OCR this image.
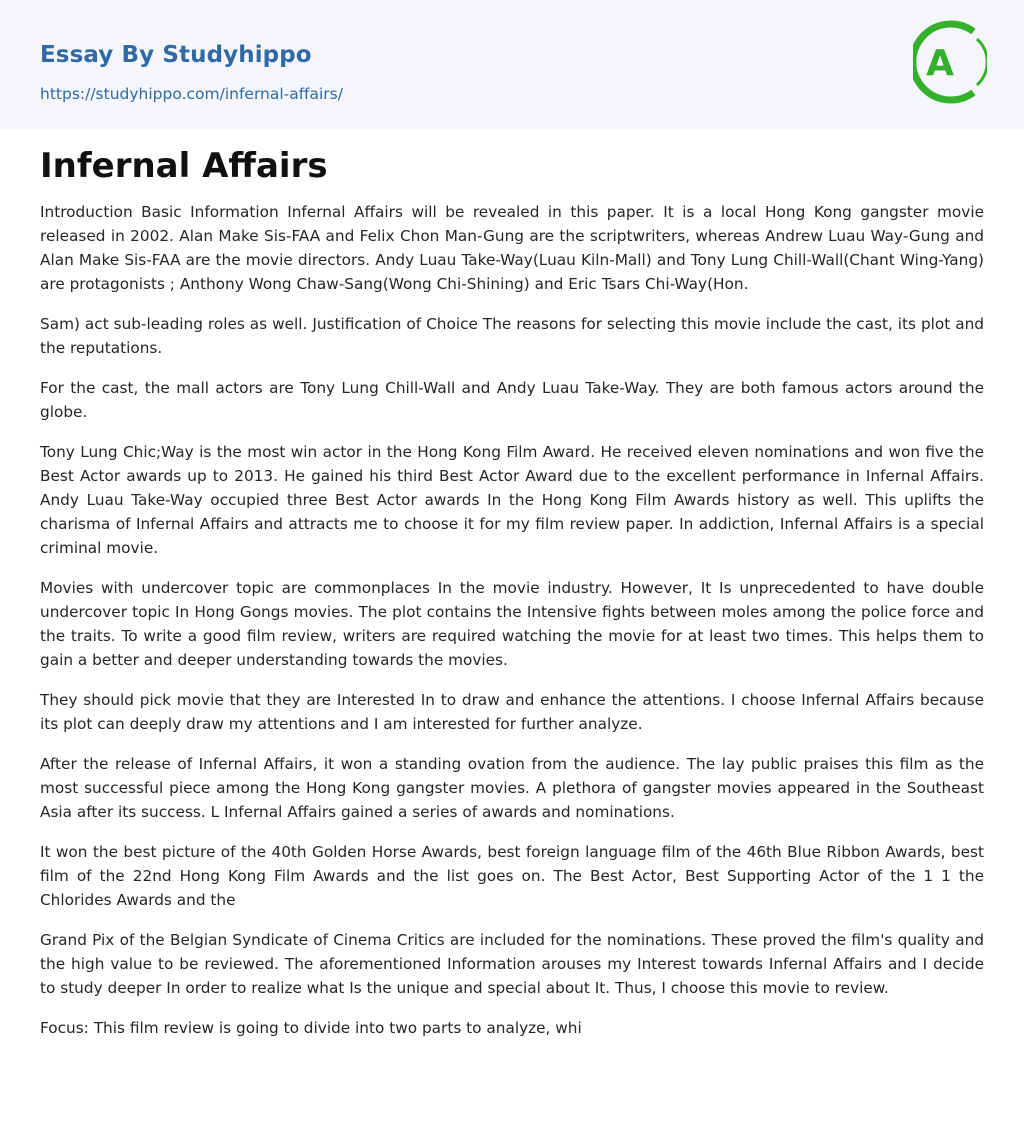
Essay By Studyhippo
https://studyhippo.com/infernal-affairs/
A
Infernal Affairs

Introduction Basic Information Infernal Affairs will be revealed in this paper. It is a local Hong Kong gangster movie released in 2002. Alan Make Sis-FAA and Felix Chon Man-Gung are the scriptwriters, whereas Andrew Luau Way-Gung and Alan Make Sis-FAA are the movie directors. Andy Luau Take-Way(Luau Kiln-Mall) and Tony Lung Chill-Wall(Chant Wing-Yang) are protagonists ; Anthony Wong Chaw-Sang(Wong Chi-Shining) and Eric Tsars Chi-Way(Hon.

Sam) act sub-leading roles as well. Justification of Choice The reasons for selecting this movie include the cast, its plot and the reputations.

For the cast, the mall actors are Tony Lung Chill-Wall and Andy Luau Take-Way. They are both famous actors around the globe.

Tony Lung Chic;Way is the most win actor in the Hong Kong Film Award. He received eleven nominations and won five the Best Actor awards up to 2013. He gained his third Best Actor Award due to the excellent performance in Infernal Affairs. Andy Luau Take-Way occupied three Best Actor awards In the Hong Kong Film Awards history as well. This uplifts the charisma of Infernal Affairs and attracts me to choose it for my film review paper. In addiction, Infernal Affairs is a special criminal movie.

Movies with undercover topic are commonplaces In the movie industry. However, It Is unprecedented to have double undercover topic In Hong Gongs movies. The plot contains the Intensive fights between moles among the police force and the traits. To write a good film review, writers are required watching the movie for at least two times. This helps them to gain a better and deeper understanding towards the movies.

They should pick movie that they are Interested In to draw and enhance the attentions. I choose Infernal Affairs because its plot can deeply draw my attentions and I am interested for further analyze.

After the release of Infernal Affairs, it won a standing ovation from the audience. The lay public praises this film as the most successful piece among the Hong Kong gangster movies. A plethora of gangster movies appeared in the Southeast Asia after its success. L Infernal Affairs gained a series of awards and nominations.

It won the best picture of the 40th Golden Horse Awards, best foreign language film of the 46th Blue Ribbon Awards, best film of the 22nd Hong Kong Film Awards and the list goes on. The Best Actor, Best Supporting Actor of the 1 1 the Chlorides Awards and the

Grand Pix of the Belgian Syndicate of Cinema Critics are included for the nominations. These proved the film's quality and the high value to be reviewed. The aforementioned Information arouses my Interest towards Infernal Affairs and I decide to study deeper In order to realize what Is the unique and special about It. Thus, I choose this movie to review.

Focus: This film review is going to divide into two parts to analyze, whi
